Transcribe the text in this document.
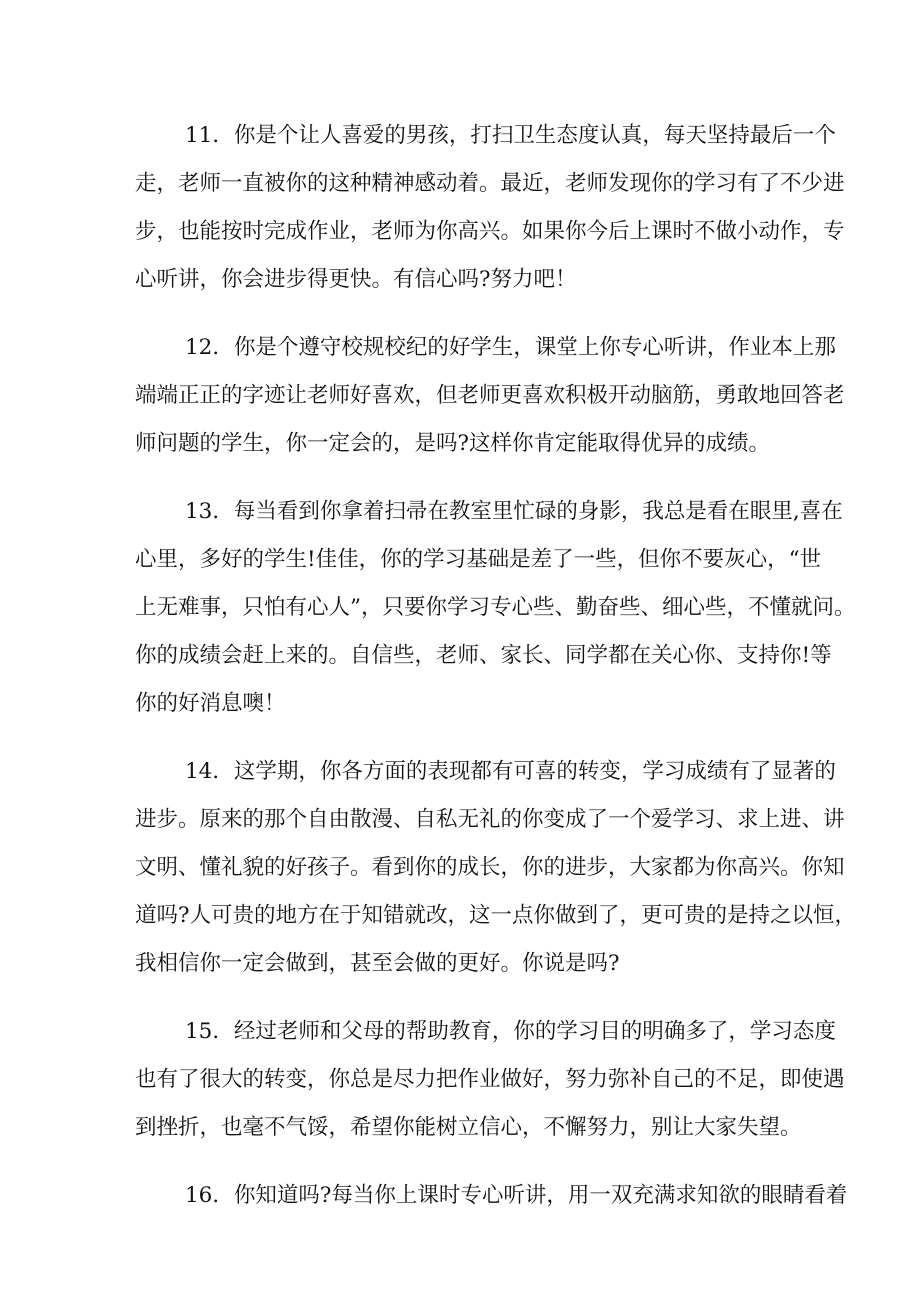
11．你是个让人喜爱的男孩，打扫卫生态度认真，每天坚持最后一个
走，老师一直被你的这种精神感动着。最近，老师发现你的学习有了不少进
步，也能按时完成作业，老师为你高兴。如果你今后上课时不做小动作，专
心听讲，你会进步得更快。有信心吗?努力吧！
12．你是个遵守校规校纪的好学生，课堂上你专心听讲，作业本上那
端端正正的字迹让老师好喜欢，但老师更喜欢积极开动脑筋，勇敢地回答老
师问题的学生，你一定会的，是吗?这样你肯定能取得优异的成绩。
13．每当看到你拿着扫帚在教室里忙碌的身影，我总是看在眼里,喜在
心里，多好的学生!佳佳，你的学习基础是差了一些，但你不要灰心，“世
上无难事，只怕有心人”，只要你学习专心些、勤奋些、细心些，不懂就问。
你的成绩会赶上来的。自信些，老师、家长、同学都在关心你、支持你!等
你的好消息噢！
14．这学期，你各方面的表现都有可喜的转变，学习成绩有了显著的
进步。原来的那个自由散漫、自私无礼的你变成了一个爱学习、求上进、讲
文明、懂礼貌的好孩子。看到你的成长，你的进步，大家都为你高兴。你知
道吗?人可贵的地方在于知错就改，这一点你做到了，更可贵的是持之以恒，
我相信你一定会做到，甚至会做的更好。你说是吗?
15．经过老师和父母的帮助教育，你的学习目的明确多了，学习态度
也有了很大的转变，你总是尽力把作业做好，努力弥补自己的不足，即使遇
到挫折，也毫不气馁，希望你能树立信心，不懈努力，别让大家失望。
16．你知道吗?每当你上课时专心听讲，用一双充满求知欲的眼睛看着
